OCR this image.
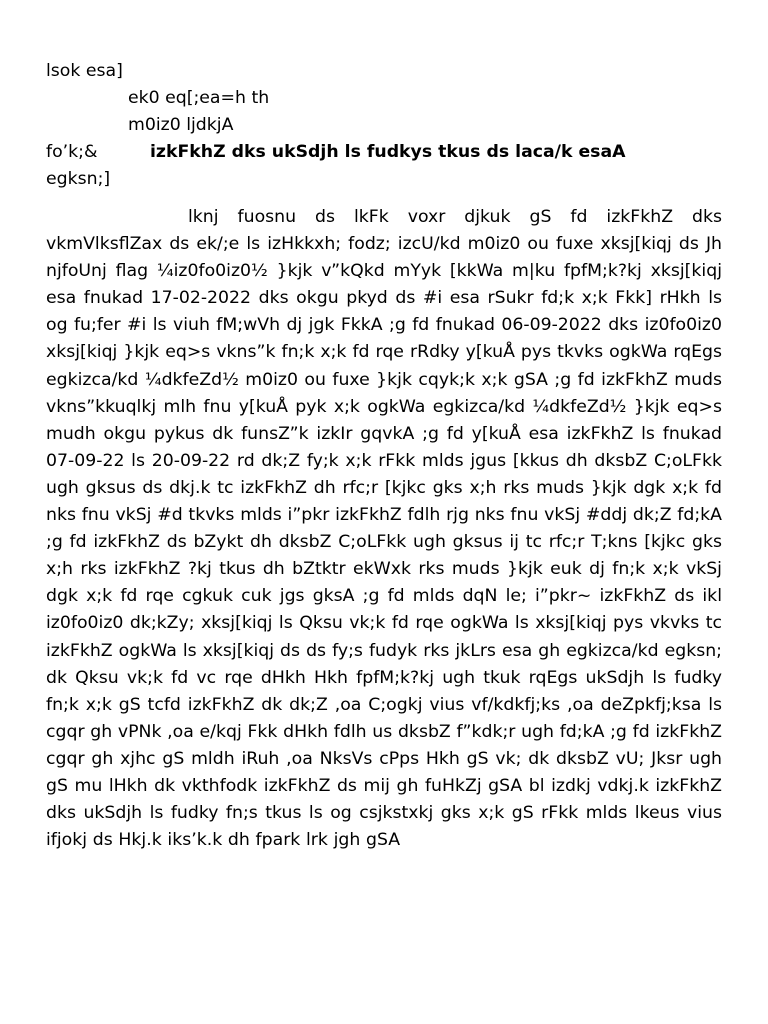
lsok esa]
ek0 eq[;ea=h th
m0iz0 ljdkjA
fo’k;&	izkFkhZ dks ukSdjh ls fudkys tkus ds laca/k esaA
egksn;]
lknj fuosnu ds lkFk voxr djkuk gS fd izkFkhZ dks vkmVlksflZax ds ek/;e ls izHkkxh; fodz; izcU/kd m0iz0 ou fuxe xksj[kiqj ds Jh njfoUnj flag ¼iz0fo0iz0½ }kjk v”kQkd mYyk [kkWa m|ku fpfM;k?kj xksj[kiqj esa fnukad 17-02-2022 dks okgu pkyd ds #i esa rSukr fd;k x;k Fkk] rHkh ls og fu;fer #i ls viuh fM;wVh dj jgk FkkA ;g fd fnukad 06-09-2022 dks iz0fo0iz0 xksj[kiqj }kjk eq>s vkns”k fn;k x;k fd rqe rRdky y[kuÅ pys tkvks ogkWa rqEgs egkizca/kd ¼dkfeZd½ m0iz0 ou fuxe }kjk cqyk;k x;k gSA ;g fd izkFkhZ muds vkns”kkuqlkj mlh fnu y[kuÅ pyk x;k ogkWa egkizca/kd ¼dkfeZd½ }kjk eq>s mudh okgu pykus dk funsZ”k izkIr gqvkA ;g fd y[kuÅ esa izkFkhZ ls fnukad 07-09-22 ls 20-09-22 rd dk;Z fy;k x;k rFkk mlds jgus [kkus dh dksbZ C;oLFkk ugh gksus ds dkj.k tc izkFkhZ dh rfc;r [kjkc gks x;h rks muds }kjk dgk x;k fd nks fnu vkSj #d tkvks mlds i”pkr izkFkhZ fdlh rjg nks fnu vkSj #ddj dk;Z fd;kA ;g fd izkFkhZ ds bZykt dh dksbZ C;oLFkk ugh gksus ij tc rfc;r T;kns [kjkc gks x;h rks izkFkhZ ?kj tkus dh bZtktr ekWxk rks muds }kjk euk dj fn;k x;k vkSj dgk x;k fd rqe cgkuk cuk jgs gksA ;g fd mlds dqN le; i”pkr~ izkFkhZ ds ikl iz0fo0iz0 dk;kZy; xksj[kiqj ls Qksu vk;k fd rqe ogkWa ls xksj[kiqj pys vkvks tc izkFkhZ ogkWa ls xksj[kiqj ds ds fy;s fudyk rks jkLrs esa gh egkizca/kd egksn; dk Qksu vk;k fd vc rqe dHkh Hkh fpfM;k?kj ugh tkuk rqEgs ukSdjh ls fudky fn;k x;k gS tcfd izkFkhZ dk dk;Z ,oa C;ogkj vius vf/kdkfj;ks ,oa deZpkfj;ksa ls cgqr gh vPNk ,oa e/kqj Fkk dHkh fdlh us dksbZ f”kdk;r ugh fd;kA ;g fd izkFkhZ cgqr gh xjhc gS mldh iRuh ,oa NksVs cPps Hkh gS vk; dk dksbZ vU; Jksr ugh gS mu lHkh dk vkthfodk izkFkhZ ds mij gh fuHkZj gSA bl izdkj vdkj.k izkFkhZ dks ukSdjh ls fudky fn;s tkus ls og csjkstxkj gks x;k gS rFkk mlds lkeus vius ifjokj ds Hkj.k iks’k.k dh fpark lrk jgh gSA
